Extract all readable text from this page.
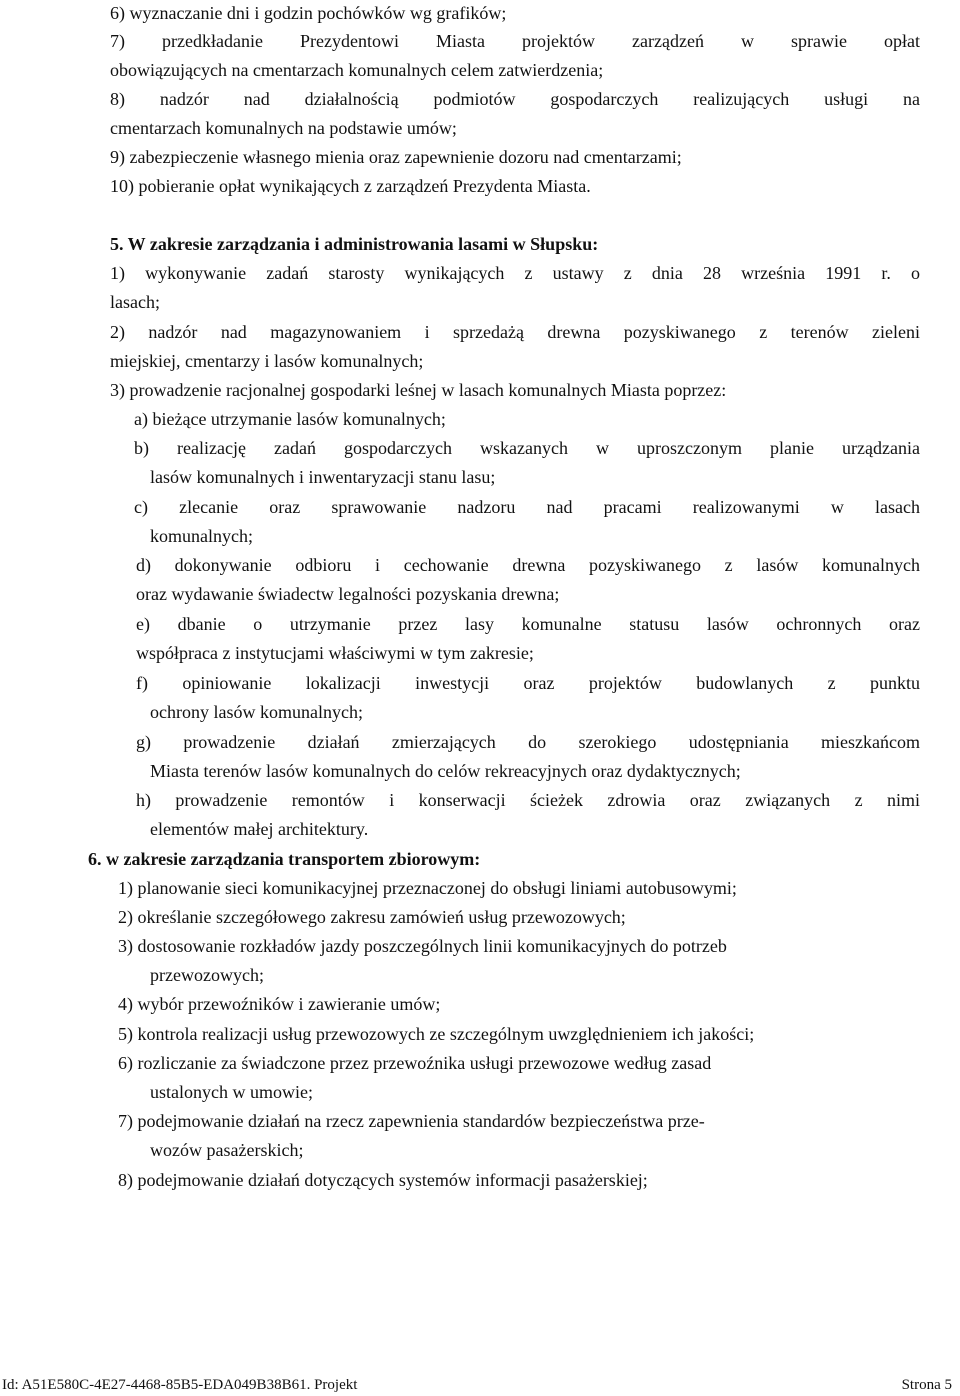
6) wyznaczanie dni i godzin pochówków wg grafików;
7) przedkładanie Prezydentowi Miasta projektów zarządzeń w sprawie opłat
obowiązujących na cmentarzach komunalnych celem zatwierdzenia;
8) nadzór nad działalnością podmiotów gospodarczych realizujących usługi na
cmentarzach komunalnych na podstawie umów;
9) zabezpieczenie własnego mienia oraz zapewnienie dozoru nad cmentarzami;
10) pobieranie opłat wynikających z zarządzeń Prezydenta Miasta.
5. W zakresie zarządzania i administrowania lasami w Słupsku:
1) wykonywanie zadań starosty wynikających z ustawy z dnia 28 września 1991 r. o
lasach;
2) nadzór nad magazynowaniem i sprzedażą drewna pozyskiwanego z terenów zieleni
miejskiej, cmentarzy i lasów komunalnych;
3) prowadzenie racjonalnej gospodarki leśnej w lasach komunalnych Miasta poprzez:
a) bieżące utrzymanie lasów komunalnych;
b) realizację zadań gospodarczych wskazanych w uproszczonym planie urządzania
lasów komunalnych i inwentaryzacji stanu lasu;
c) zlecanie oraz sprawowanie nadzoru nad pracami realizowanymi w lasach
komunalnych;
d) dokonywanie odbioru i cechowanie drewna pozyskiwanego z lasów komunalnych
oraz wydawanie świadectw legalności pozyskania drewna;
e) dbanie o utrzymanie przez lasy komunalne statusu lasów ochronnych oraz
współpraca z instytucjami właściwymi w tym zakresie;
f) opiniowanie lokalizacji inwestycji oraz projektów budowlanych z punktu
ochrony lasów komunalnych;
g) prowadzenie działań zmierzających do szerokiego udostępniania mieszkańcom
Miasta terenów lasów komunalnych do celów rekreacyjnych oraz dydaktycznych;
h) prowadzenie remontów i konserwacji ścieżek zdrowia oraz związanych z nimi
elementów małej architektury.
6. w zakresie zarządzania transportem zbiorowym:
1) planowanie sieci komunikacyjnej przeznaczonej do obsługi liniami autobusowymi;
2) określanie szczegółowego zakresu zamówień usług przewozowych;
3) dostosowanie rozkładów jazdy poszczególnych linii komunikacyjnych do potrzeb
przewozowych;
4) wybór przewoźników i zawieranie umów;
5) kontrola realizacji usług przewozowych ze szczególnym uwzględnieniem ich jakości;
6) rozliczanie za świadczone przez przewoźnika usługi przewozowe według zasad
ustalonych w umowie;
7) podejmowanie działań na rzecz zapewnienia standardów bezpieczeństwa prze-
wozów pasażerskich;
8) podejmowanie działań dotyczących systemów informacji pasażerskiej;
Id: A51E580C-4E27-4468-85B5-EDA049B38B61. Projekt	Strona 5
